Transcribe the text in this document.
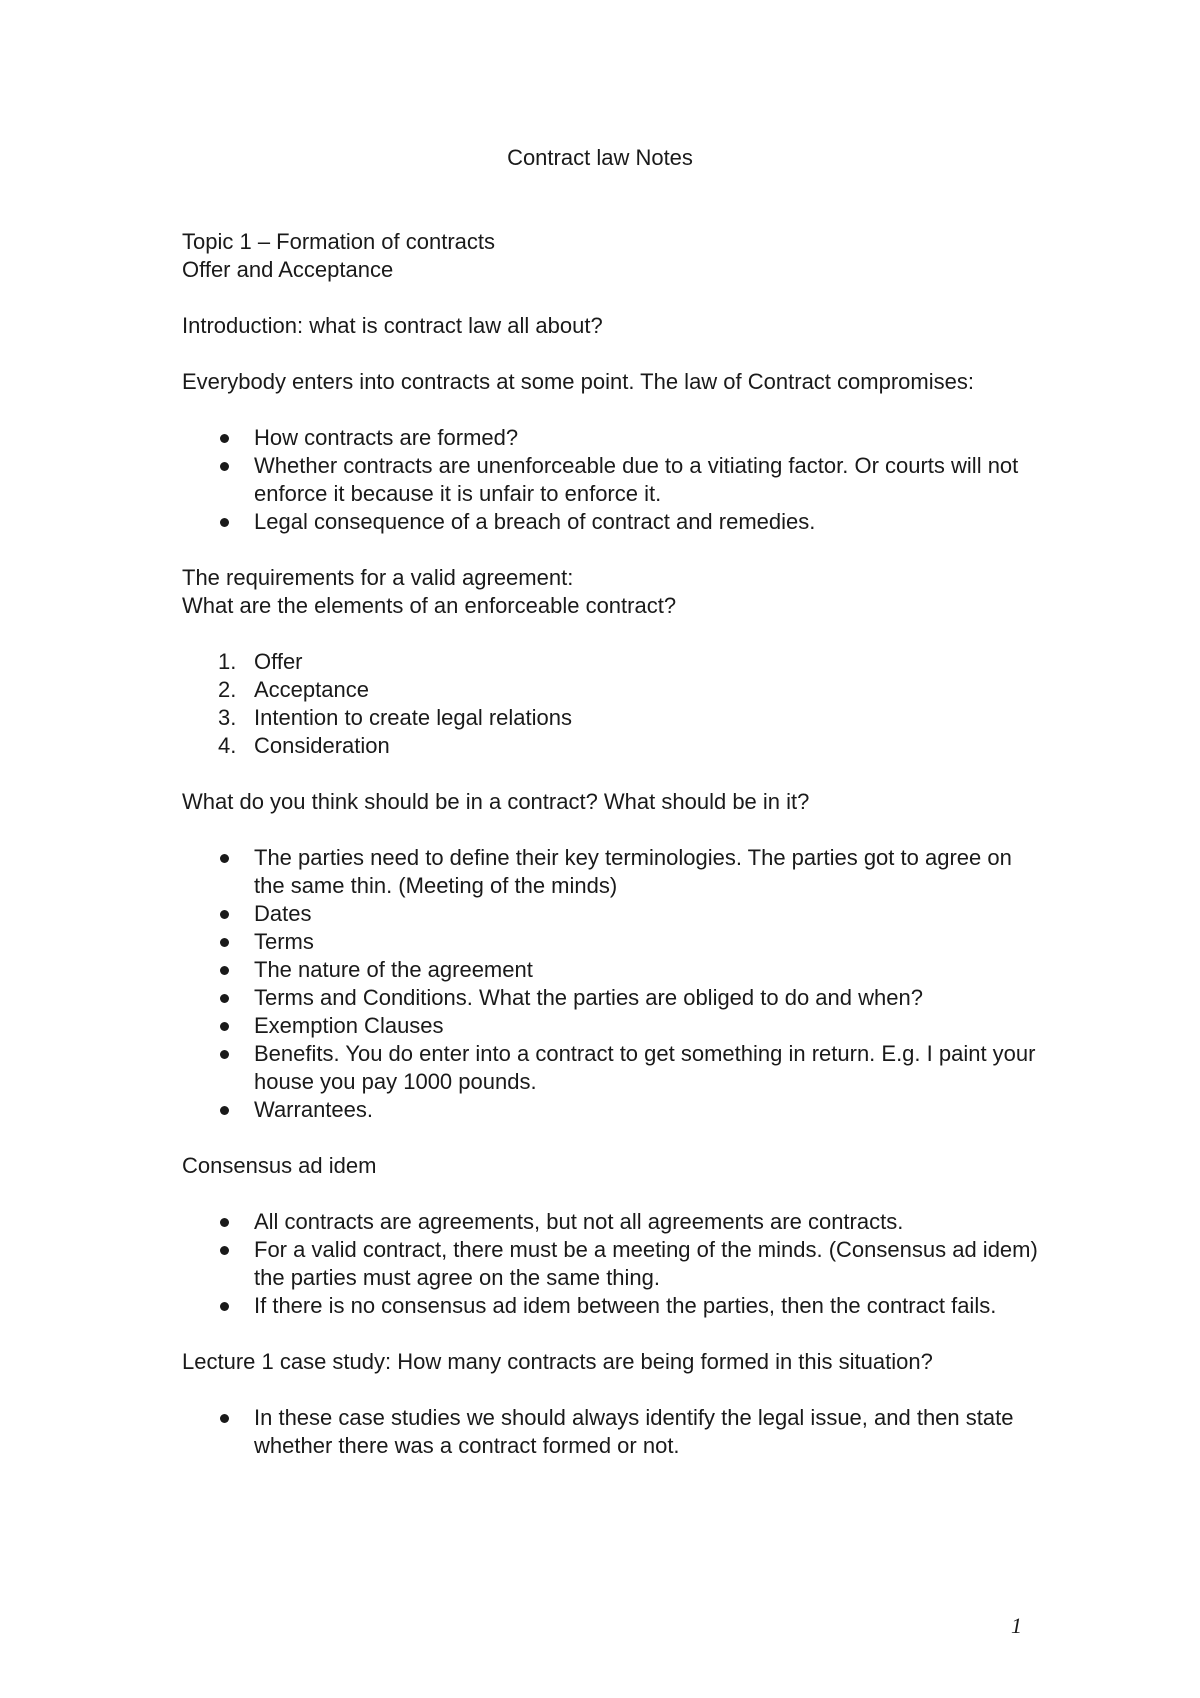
Contract law Notes

Topic 1 – Formation of contracts

Offer and Acceptance

Introduction: what is contract law all about?

Everybody enters into contracts at some point. The law of Contract compromises:

How contracts are formed?
Whether contracts are unenforceable due to a vitiating factor. Or courts will not enforce it because it is unfair to enforce it.
Legal consequence of a breach of contract and remedies.

The requirements for a valid agreement:

What are the elements of an enforceable contract?

1. Offer
2. Acceptance
3. Intention to create legal relations
4. Consideration

What do you think should be in a contract? What should be in it?

The parties need to define their key terminologies. The parties got to agree on the same thin. (Meeting of the minds)
Dates
Terms
The nature of the agreement
Terms and Conditions. What the parties are obliged to do and when?
Exemption Clauses
Benefits. You do enter into a contract to get something in return. E.g. I paint your house you pay 1000 pounds.
Warrantees.

Consensus ad idem

All contracts are agreements, but not all agreements are contracts.
For a valid contract, there must be a meeting of the minds. (Consensus ad idem) the parties must agree on the same thing.
If there is no consensus ad idem between the parties, then the contract fails.

Lecture 1 case study: How many contracts are being formed in this situation?

In these case studies we should always identify the legal issue, and then state whether there was a contract formed or not.
1
